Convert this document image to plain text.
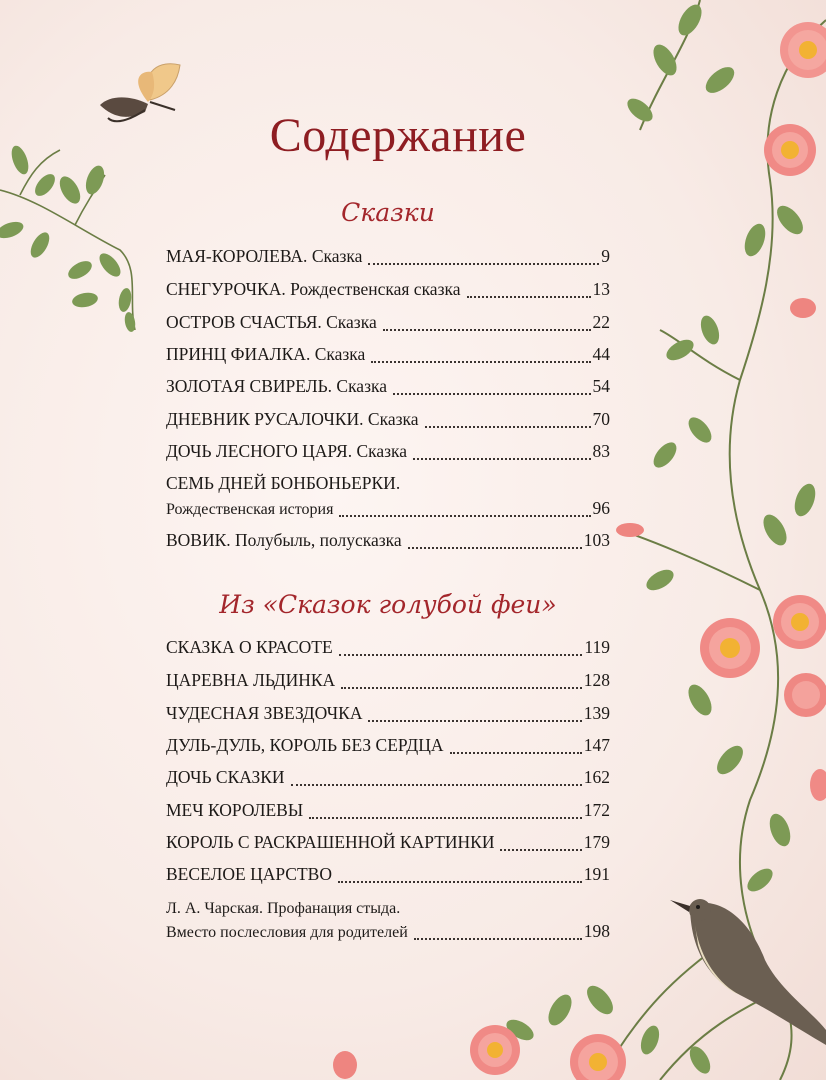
Содержание
Сказки
МАЯ-КОРОЛЕВА. Сказка	9
СНЕГУРОЧКА. Рождественская сказка	13
ОСТРОВ СЧАСТЬЯ. Сказка	22
ПРИНЦ ФИАЛКА. Сказка	44
ЗОЛОТАЯ СВИРЕЛЬ. Сказка	54
ДНЕВНИК РУСАЛОЧКИ. Сказка	70
ДОЧЬ ЛЕСНОГО ЦАРЯ. Сказка	83
СЕМЬ ДНЕЙ БОНБОНЬЕРКИ.
Рождественская история	96
ВОВИК. Полубыль, полусказка	103
Из «Сказок голубой феи»
СКАЗКА О КРАСОТЕ	119
ЦАРЕВНА ЛЬДИНКА	128
ЧУДЕСНАЯ ЗВЕЗДОЧКА	139
ДУЛЬ-ДУЛЬ, КОРОЛЬ БЕЗ СЕРДЦА	147
ДОЧЬ СКАЗКИ	162
МЕЧ КОРОЛЕВЫ	172
КОРОЛЬ С РАСКРАШЕННОЙ КАРТИНКИ	179
ВЕСЕЛОЕ ЦАРСТВО	191
Л. А. Чарская. Профанация стыда.
Вместо послесловия для родителей	198
